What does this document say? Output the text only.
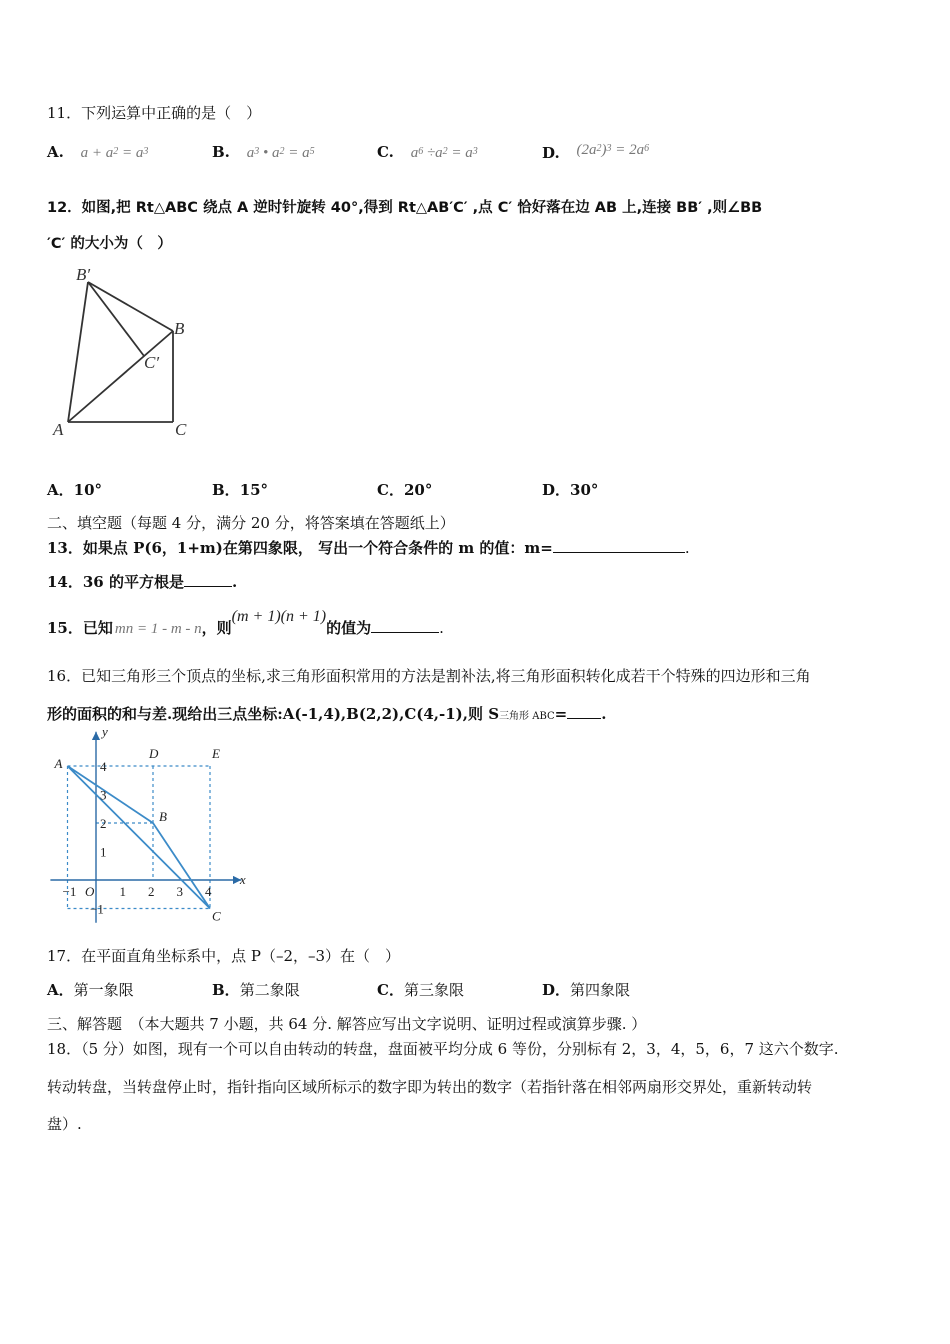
11．下列运算中正确的是（　）
A. $a + a^2 = a^3$	B. $a^3$ • $a^2 = a^5$	C. $a^6 \div a^2 = a^3$	D. $(2a^2)^3 = 2a^6$
12．如图,把 Rt△ABC 绕点 A 逆时针旋转 40°,得到 Rt△AB′C′ ,点 C′ 恰好落在边 AB 上,连接 BB′ ,则∠BB
′C′ 的大小为（　）
B′
B
C′
A	C
A．10°	B．15°	C．20°	D．30°
二、填空题（每题 4 分，满分 20 分，将答案填在答题纸上）
13．如果点 P(6，1+m)在第四象限， 写出一个符合条件的 m 的值：m=	.
14．36 的平方根是	.
15．已知 mn = 1 - m - n，则(m + 1)(n + 1)的值为	.
16．已知三角形三个顶点的坐标,求三角形面积常用的方法是割补法,将三角形面积转化成若干个特殊的四边形和三角
形的面积的和与差.现给出三点坐标:A(-1,4),B(2,2),C(4,-1),则 S三角形 ABC= .
−1 O 1 2 3 4
4
3
2
1
−1
x
y
A
B
C
D	E
17．在平面直角坐标系中，点 P（–2，–3）在（　）
A．第一象限	B．第二象限	C．第三象限	D．第四象限
三、解答题　（本大题共 7 小题，共 64 分. 解答应写出文字说明、证明过程或演算步骤. ）
18．（5 分）如图，现有一个可以自由转动的转盘，盘面被平均分成 6 等份，分别标有 2，3，4，5，6，7 这六个数字.
转动转盘，当转盘停止时，指针指向区域所标示的数字即为转出的数字（若指针落在相邻两扇形交界处，重新转动转
盘）.
